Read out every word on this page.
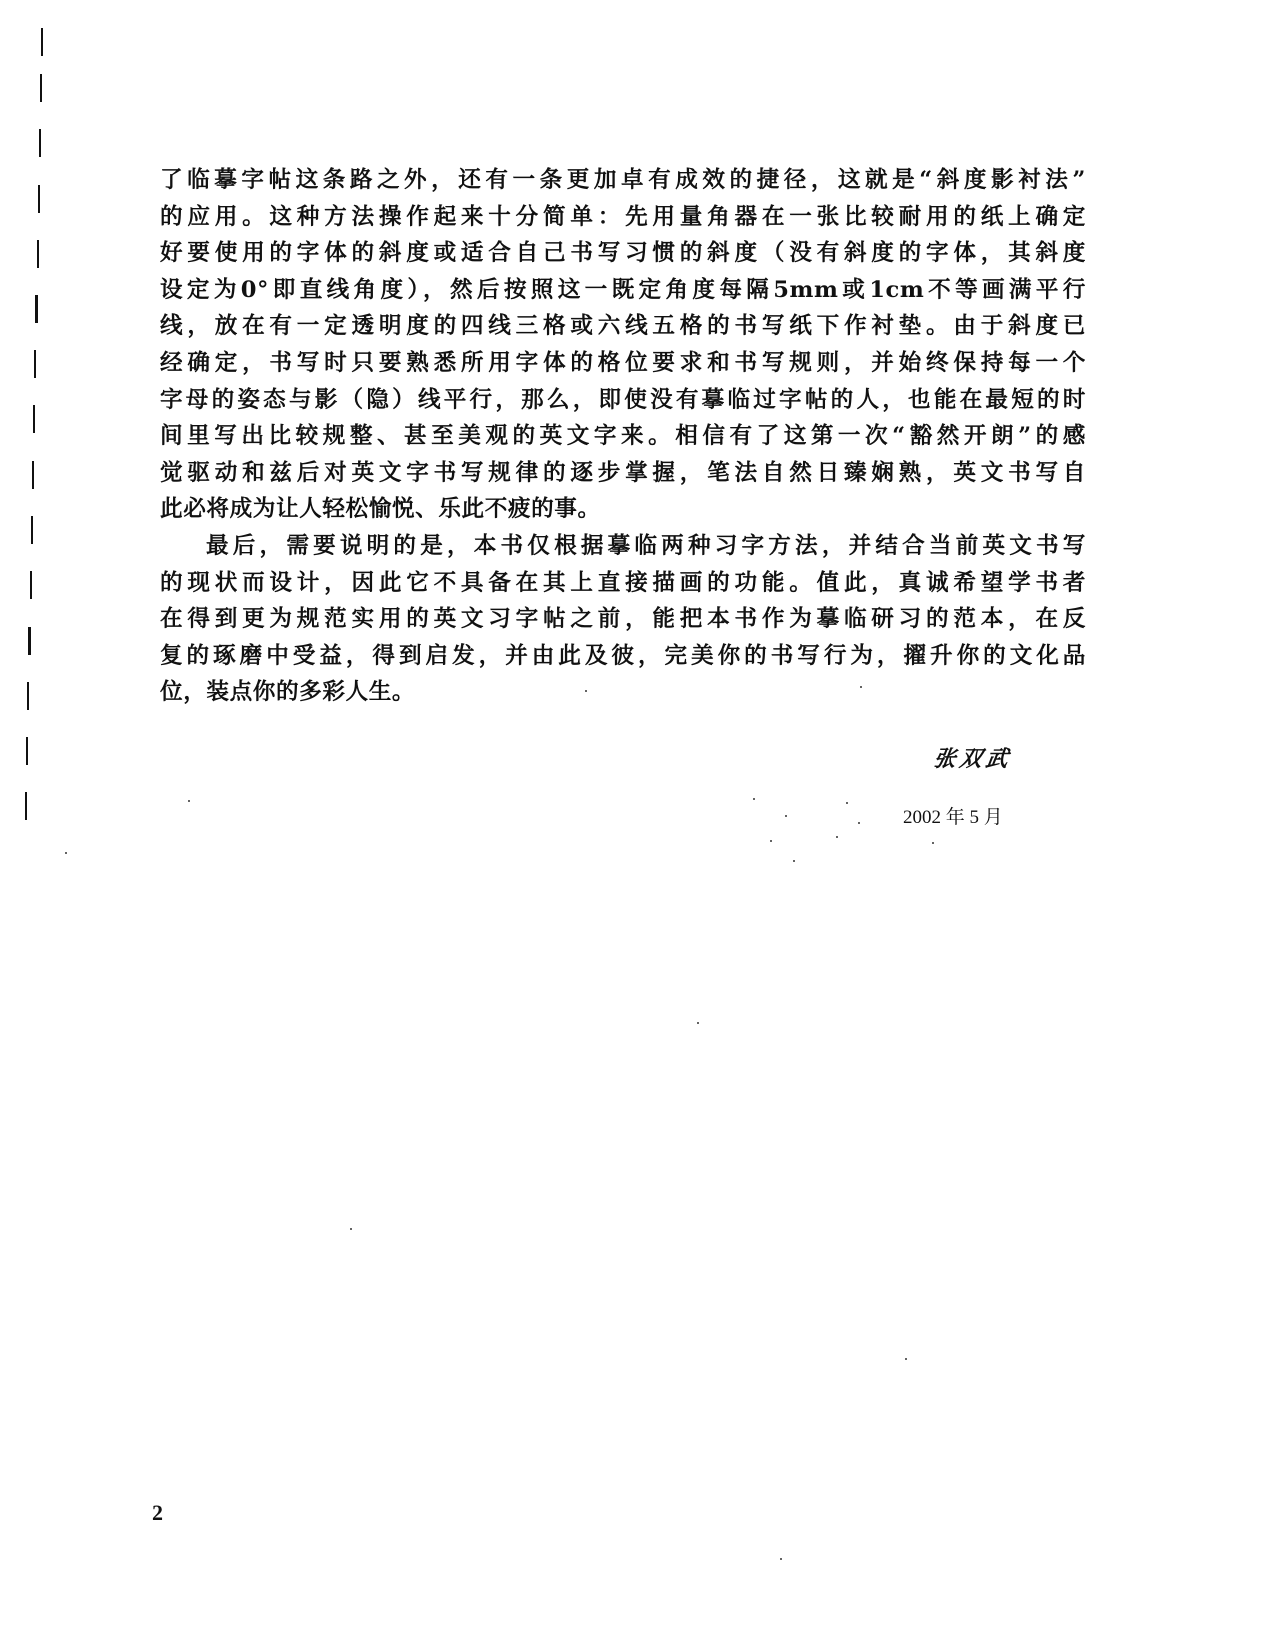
了临摹字帖这条路之外，还有一条更加卓有成效的捷径，这就是“斜度影衬法”
的应用。这种方法操作起来十分简单：先用量角器在一张比较耐用的纸上确定
好要使用的字体的斜度或适合自己书写习惯的斜度（没有斜度的字体，其斜度
设定为0°即直线角度），然后按照这一既定角度每隔5mm或1cm不等画满平行
线，放在有一定透明度的四线三格或六线五格的书写纸下作衬垫。由于斜度已
经确定，书写时只要熟悉所用字体的格位要求和书写规则，并始终保持每一个
字母的姿态与影（隐）线平行，那么，即使没有摹临过字帖的人，也能在最短的时
间里写出比较规整、甚至美观的英文字来。相信有了这第一次“豁然开朗”的感
觉驱动和兹后对英文字书写规律的逐步掌握，笔法自然日臻娴熟，英文书写自
此必将成为让人轻松愉悦、乐此不疲的事。
最后，需要说明的是，本书仅根据摹临两种习字方法，并结合当前英文书写
的现状而设计，因此它不具备在其上直接描画的功能。值此，真诚希望学书者
在得到更为规范实用的英文习字帖之前，能把本书作为摹临研习的范本，在反
复的琢磨中受益，得到启发，并由此及彼，完美你的书写行为，擢升你的文化品
位，装点你的多彩人生。
张双武
2002 年 5 月
2
